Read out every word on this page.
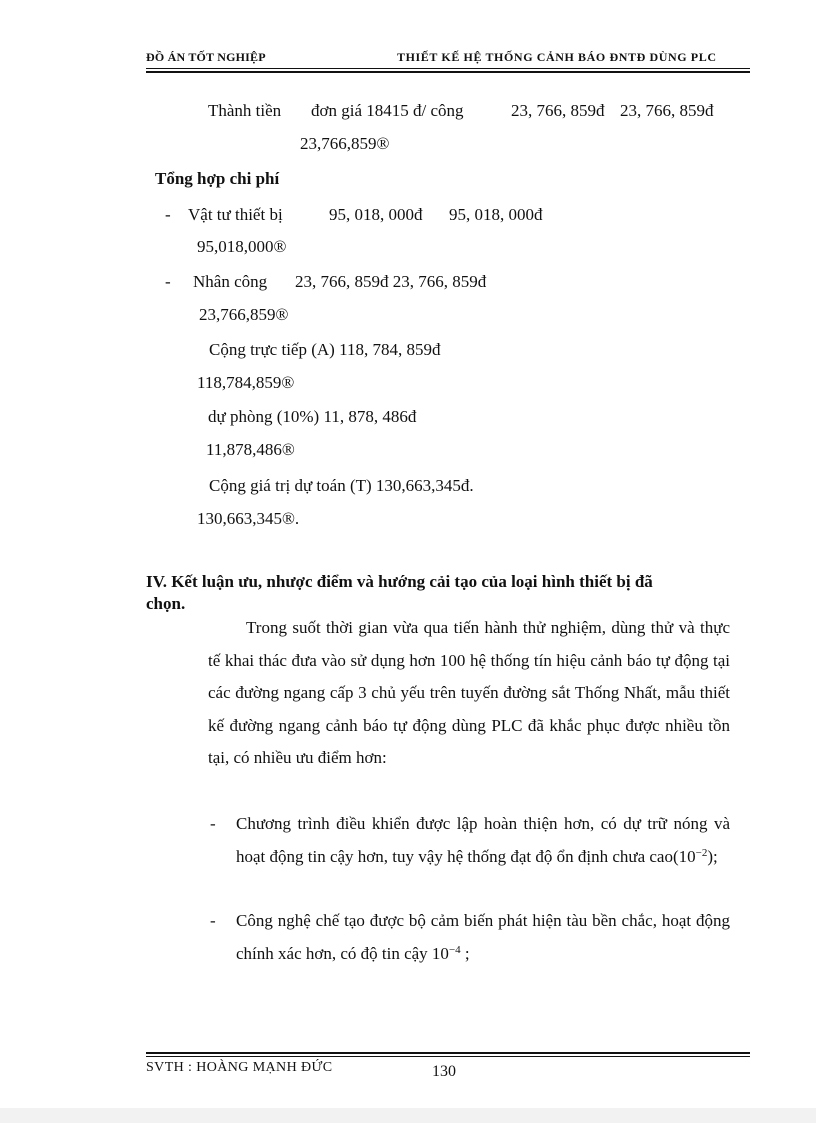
ĐỒ ÁN TỐT NGHIỆP	THIẾT KẾ HỆ THỐNG CẢNH BÁO ĐNTĐ DÙNG PLC
Thành tiền đơn giá 18415 đ/ công	23, 766, 859đ 23, 766, 859đ
23,766,859®
Tổng hợp chi phí
- Vật tư thiết bị	95, 018, 000đ 95, 018, 000đ
95,018,000®
- Nhân công 23, 766, 859đ 23, 766, 859đ
23,766,859®
Cộng trực tiếp (A) 118, 784, 859đ
118,784,859®
dự phòng (10%) 11, 878, 486đ
11,878,486®
Cộng giá trị dự toán (T) 130,663,345đ.
130,663,345®.
IV. Kết luận ưu, nhược điểm và hướng cải tạo của loại hình thiết bị đã
chọn.
Trong suốt thời gian vừa qua tiến hành thử nghiệm, dùng thử và thực tế khai thác đưa vào sử dụng hơn 100 hệ thống tín hiệu cảnh báo tự động tại các đường ngang cấp 3 chủ yếu trên tuyến đường sắt Thống Nhất, mẫu thiết kế đường ngang cảnh báo tự động dùng PLC đã khắc phục được nhiều tồn tại, có nhiều ưu điểm hơn:
- Chương trình điều khiển được lập hoàn thiện hơn, có dự trữ nóng và hoạt động tin cậy hơn, tuy vậy hệ thống đạt độ ổn định chưa $cao(10^{-2})$;
- Công nghệ chế tạo được bộ cảm biến phát hiện tàu bền chắc, hoạt động chính xác hơn, có độ tin cậy $10^{-4}$ ;
SVTH : HOÀNG MẠNH ĐỨC	130
